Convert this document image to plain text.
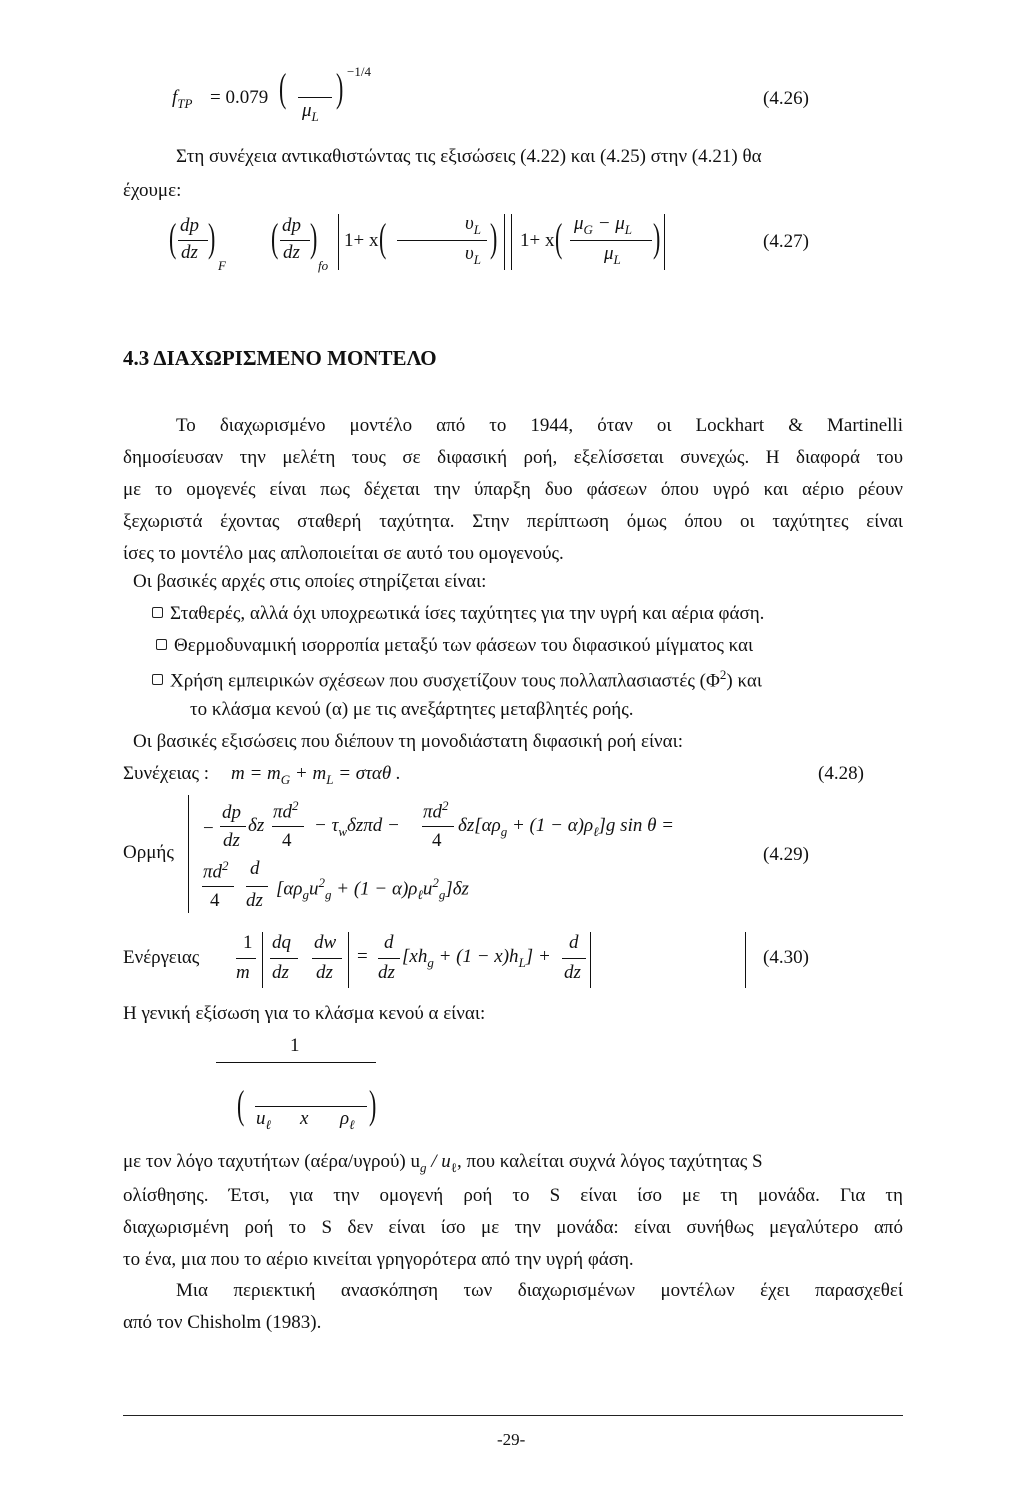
$f_{TP} = 0.079$ (
$\mu_L$
) −1/4
(4.26)
Στη συνέχεια αντικαθιστώντας τις εξισώσεις (4.22) και (4.25) στην (4.21) θα
έχουμε:
( dp
dz )
F
( dp
dz )
fo
1+ x (	$\upsilon_L$
$\upsilon_L$ ) 1+ x ( $\mu_G - \mu_L$
$\mu_L$ )	(4.27)
4.3 ΔΙΑΧΩΡΙΣΜΕΝΟ ΜΟΝΤΕΛΟ
Το διαχωρισμένο μοντέλο από το 1944, όταν οι Lockhart & Martinelli
δημοσίευσαν την μελέτη τους σε διφασική ροή, εξελίσσεται συνεχώς. Η διαφορά του
με το ομογενές είναι πως δέχεται την ύπαρξη δυο φάσεων όπου υγρό και αέριο ρέουν
ξεχωριστά έχοντας σταθερή ταχύτητα. Στην περίπτωση όμως όπου οι ταχύτητες είναι
ίσες το μοντέλο μας απλοποιείται σε αυτό του ομογενούς.
Οι βασικές αρχές στις οποίες στηρίζεται είναι:
Σταθερές, αλλά όχι υποχρεωτικά ίσες ταχύτητες για την υγρή και αέρια φάση.
Θερμοδυναμική ισορροπία μεταξύ των φάσεων του διφασικού μίγματος και
Χρήση εμπειρικών σχέσεων που συσχετίζουν τους πολλαπλασιαστές $(\Phi^2)$ και
το κλάσμα κενού (α) με τις ανεξάρτητες μεταβλητές ροής.
Οι βασικές εξισώσεις που διέπουν τη μονοδιάστατη διφασική ροή είναι:
Συνέχειας : $m = m_G + m_L = \sigma\tau\alpha\theta$ .	(4.28)
Ορμής
−
dp
dz
δz
$\pi d^2$
4
− $\tau_w\delta z\pi d$ −
$\pi d^2$
4
$\delta z[\alpha\rho_g + (1 - \alpha)\rho_\ell]g$ sin θ =
$\pi d^2$
4
d
dz
$[\alpha\rho_gu^2_g + (1 - \alpha)\rho_\ell u^2_g]\delta z$
(4.29)
Ενέργειας
1
m
dq
dz
dw
dz
=
d
dz
$[xh_g + (1 - x)h_L]$ +
d
dz
(4.30)
Η γενική εξίσωση για το κλάσμα κενού α είναι:
1
( $u_\ell$ x $\rho_\ell$ )
με τον λόγο ταχυτήτων (αέρα/υγρού) $u_g / u_\ell$, που καλείται συχνά λόγος ταχύτητας S
ολίσθησης. Έτσι, για την ομογενή ροή το S είναι ίσο με τη μονάδα. Για τη
διαχωρισμένη ροή το S δεν είναι ίσο με την μονάδα: είναι συνήθως μεγαλύτερο από
το ένα, μια που το αέριο κινείται γρηγορότερα από την υγρή φάση.
Μια περιεκτική ανασκόπηση των διαχωρισμένων μοντέλων έχει παρασχεθεί
από τον Chisholm (1983).
-29-
